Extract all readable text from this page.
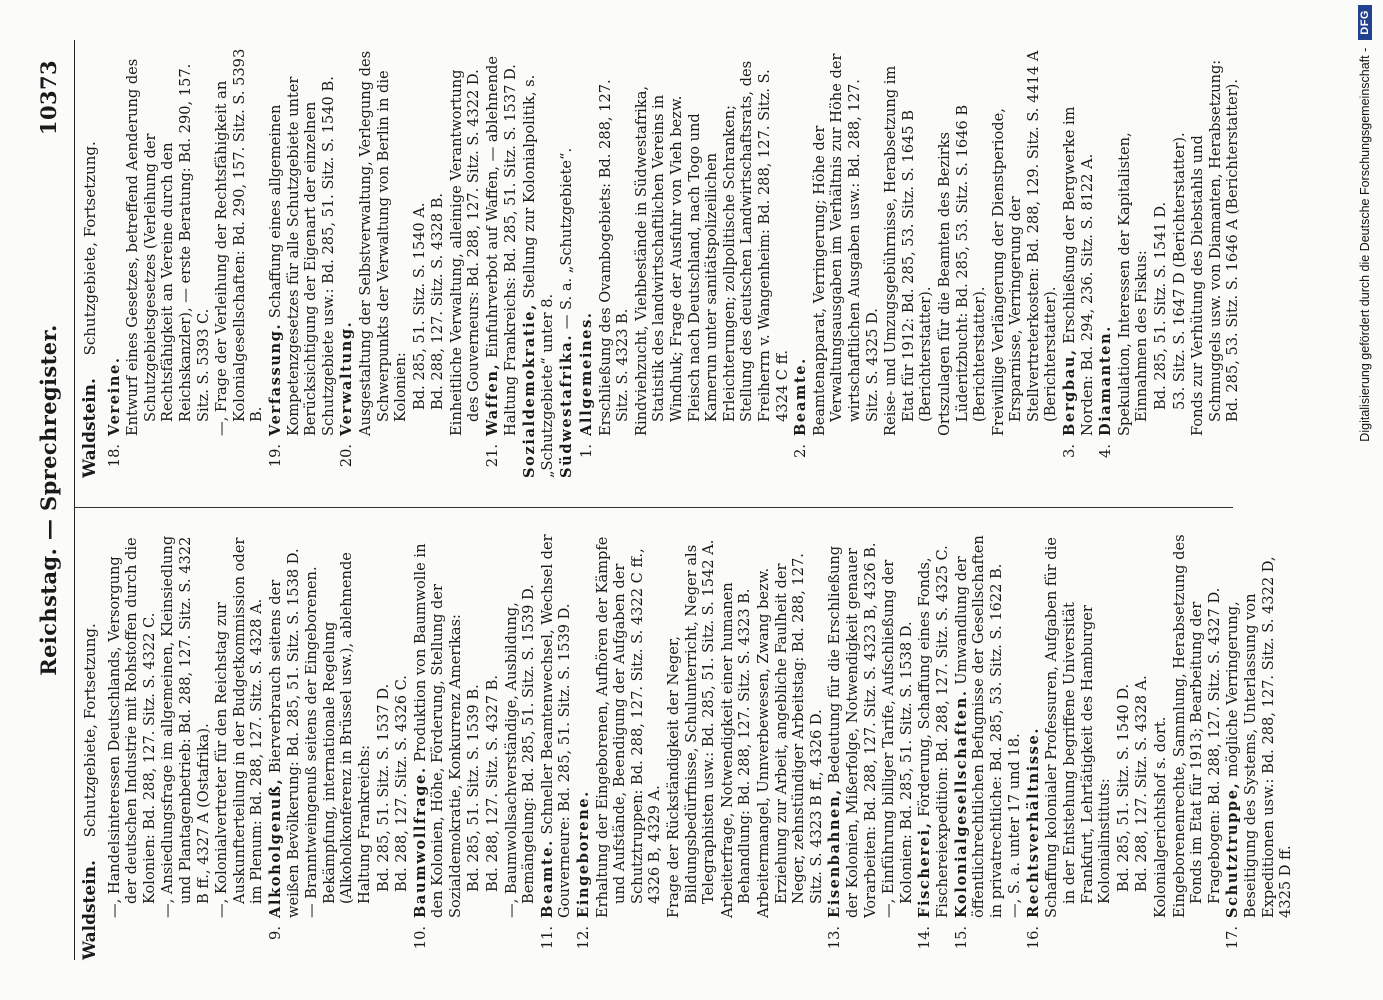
Reichstag. — Sprechregister.
10373
Waldstein. Schutzgebiete, Fortsetzung. —, Handelsinteressen Deutschlands, Versorgung der deutschen Industrie mit Rohstoffen durch die Kolonien: Bd. 288, 127. Sitz. S. 4322 C. —, Ansiedlungsfrage im allgemeinen, Kleinsiedlung und Plantagenbetrieb: Bd. 288, 127. Sitz. S. 4322 B ff., 4327 A (Ostafrika). —, Kolonialvertreter für den Reichstag zur Auskunfterteilung in der Budgetkommission oder im Plenum: Bd. 288, 127. Sitz. S. 4328 A.
9.
Alkoholgenuß, Bierverbrauch seitens der weißen Bevölkerung: Bd. 285, 51. Sitz. S. 1538 D. — Branntweingenuß seitens der Eingeborenen. Bekämpfung, internationale Regelung (Alkoholkonferenz in Brüssel usw.), ablehnende Haltung Frankreichs: Bd. 285, 51. Sitz. S. 1537 D. Bd. 288, 127. Sitz. S. 4326 C.
10.
Baumwollfrage. Produktion von Baumwolle in den Kolonien, Höhe, Förderung, Stellung der Sozialdemokratie, Konkurrenz Amerikas: Bd. 285, 51. Sitz. S. 1539 B. Bd. 288, 127. Sitz. S. 4327 B. —, Baumwollsachverständige, Ausbildung, Bemängelung: Bd. 285, 51. Sitz. S. 1539 D.
11.
Beamte. Schneller Beamtenwechsel, Wechsel der Gouverneure: Bd. 285, 51. Sitz. S. 1539 D.
12.
Eingeborene. Erhaltung der Eingeborenen, Aufhören der Kämpfe und Aufstände, Beendigung der Aufgaben der Schutztruppen: Bd. 288, 127. Sitz. S. 4322 C ff., 4326 B, 4329 A. Frage der Rückständigkeit der Neger, Bildungsbedürfnisse, Schulunterricht, Neger als Telegraphisten usw.: Bd. 285, 51. Sitz. S. 1542 A. Arbeiterfrage, Notwendigkeit einer humanen Behandlung: Bd. 288, 127. Sitz. S. 4323 B. Arbeitermangel, Unnverbewesen, Zwang bezw. Erziehung zur Arbeit, angebliche Faulheit der Neger, zehnstündiger Arbeitstag: Bd. 288, 127. Sitz. S. 4323 B ff., 4326 D.
13.
Eisenbahnen, Bedeutung für die Erschließung der Kolonien, Mißerfolge, Notwendigkeit genauer Vorarbeiten: Bd. 288, 127. Sitz. S. 4323 B, 4326 B. —, Einführung billiger Tarife, Aufschließung der Kolonien: Bd. 285, 51. Sitz. S. 1538 D.
14.
Fischerei, Förderung, Schaffung eines Fonds, Fischereiexpedition: Bd. 288, 127. Sitz. S. 4325 C.
15.
Kolonialgesellschaften. Umwandlung der öffentlichrechtlichen Befugnisse der Gesellschaften in privatrechtliche: Bd. 285, 53. Sitz. S. 1622 B. —, S. a. unter 17 und 18.
16.
Rechtsverhältnisse. Schaffung kolonialer Professuren, Aufgaben für die in der Entstehung begriffene Universität Frankfurt, Lehrtätigkeit des Hamburger Kolonialinstituts: Bd. 285, 51. Sitz. S. 1540 D. Bd. 288, 127. Sitz. S. 4328 A. Kolonialgerichtshof s. dort. Eingeborenenrechte, Sammlung, Herabsetzung des Fonds im Etat für 1913; Bearbeitung der Fragebogen: Bd. 288, 127. Sitz. S. 4327 D.
17.
Schutztruppe, mögliche Verringerung, Beseitigung des Systems, Unterlassung von Expeditionen usw.: Bd. 288, 127. Sitz. S. 4322 D, 4325 D ff.
Waldstein. Schutzgebiete, Fortsetzung.
18.
Vereine. Entwurf eines Gesetzes, betreffend Aenderung des Schutzgebietsgesetzes (Verleihung der Rechtsfähigkeit an Vereine durch den Reichskanzler), — erste Beratung: Bd. 290, 157. Sitz. S. 5393 C. —, Frage der Verleihung der Rechtsfähigkeit an Kolonialgesellschaften: Bd. 290, 157. Sitz. S. 5393 B.
19.
Verfassung. Schaffung eines allgemeinen Kompetenzgesetzes für alle Schutzgebiete unter Berücksichtigung der Eigenart der einzelnen Schutzgebiete usw.: Bd. 285, 51. Sitz. S. 1540 B.
20.
Verwaltung. Ausgestaltung der Selbstverwaltung, Verlegung des Schwerpunkts der Verwaltung von Berlin in die Kolonien: Bd. 285, 51. Sitz. S. 1540 A. Bd. 288, 127. Sitz. S. 4328 B. Einheitliche Verwaltung, alleinige Verantwortung des Gouverneurs: Bd. 288, 127. Sitz. S. 4322 D.
21.
Waffen, Einfuhrverbot auf Waffen, — ablehnende Haltung Frankreichs: Bd. 285, 51. Sitz. S. 1537 D. Sozialdemokratie, Stellung zur Kolonialpolitik, s. „Schutzgebiete“ unter 8. Südwestafrika. — S. a. „Schutzgebiete“.
1.
Allgemeines. Erschließung des Ovambogebiets: Bd. 288, 127. Sitz. S. 4323 B. Rindviehzucht, Viehbestände in Südwestafrika, Statistik des landwirtschaftlichen Vereins in Windhuk; Frage der Ausfuhr von Vieh bezw. Fleisch nach Deutschland, nach Togo und Kamerun unter sanitätspolizeilichen Erleichterungen; zollpolitische Schranken; Stellung des deutschen Landwirtschaftsrats, des Freiherrn v. Wangenheim: Bd. 288, 127. Sitz. S. 4324 C ff.
2.
Beamte. Beamtenapparat, Verringerung; Höhe der Verwaltungsausgaben im Verhältnis zur Höhe der wirtschaftlichen Ausgaben usw.: Bd. 288, 127. Sitz. S. 4325 D. Reise- und Umzugsgebührnisse, Herabsetzung im Etat für 1912: Bd. 285, 53. Sitz. S. 1645 B (Berichterstatter). Ortszulagen für die Beamten des Bezirks Lüderitzbucht: Bd. 285, 53. Sitz. S. 1646 B (Berichterstatter). Freiwillige Verlängerung der Dienstperiode, Ersparnisse, Verringerung der Stellvertreterkosten: Bd. 288, 129. Sitz. S. 4414 A (Berichterstatter).
3.
Bergbau, Erschließung der Bergwerke im Norden: Bd. 294, 236. Sitz. S. 8122 A.
4.
Diamanten. Spekulation, Interessen der Kapitalisten, Einnahmen des Fiskus: Bd. 285, 51. Sitz. S. 1541 D. 53. Sitz. S. 1647 D (Berichterstatter). Fonds zur Verhütung des Diebstahls und Schmuggels usw. von Diamanten, Herabsetzung: Bd. 285, 53. Sitz. S. 1646 A (Berichterstatter).	Digitalisierung gefördert durch die Deutsche Forschungsgemeinschaft -
DFG
